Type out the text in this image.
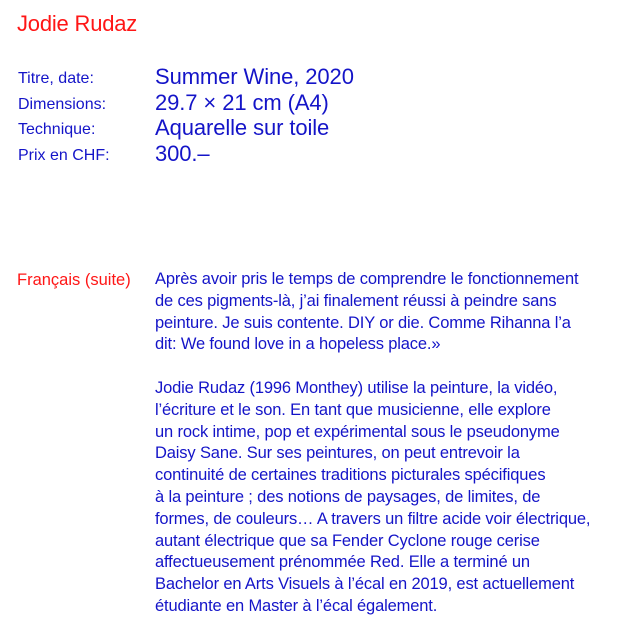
Jodie Rudaz
Titre, date:	Summer Wine, 2020
Dimensions: 29.7 × 21 cm (A4)
Technique:	Aquarelle sur toile
Prix en CHF: 300.–
Français (suite) Après avoir pris le temps de comprendre le fonctionnement
de ces pigments-là, j’ai finalement réussi à peindre sans
peinture. Je suis contente. DIY or die. Comme Rihanna l’a
dit: We found love in a hopeless place.»

Jodie Rudaz (1996 Monthey) utilise la peinture, la vidéo,
l’écriture et le son. En tant que musicienne, elle explore
un rock intime, pop et expérimental sous le pseudonyme
Daisy Sane. Sur ses peintures, on peut entrevoir la
continuité de certaines traditions picturales spécifiques
à la peinture ; des notions de paysages, de limites, de
formes, de couleurs… A travers un filtre acide voir électrique,
autant électrique que sa Fender Cyclone rouge cerise
affectueusement prénommée Red. Elle a terminé un
Bachelor en Arts Visuels à l’écal en 2019, est actuellement
étudiante en Master à l’écal également.
